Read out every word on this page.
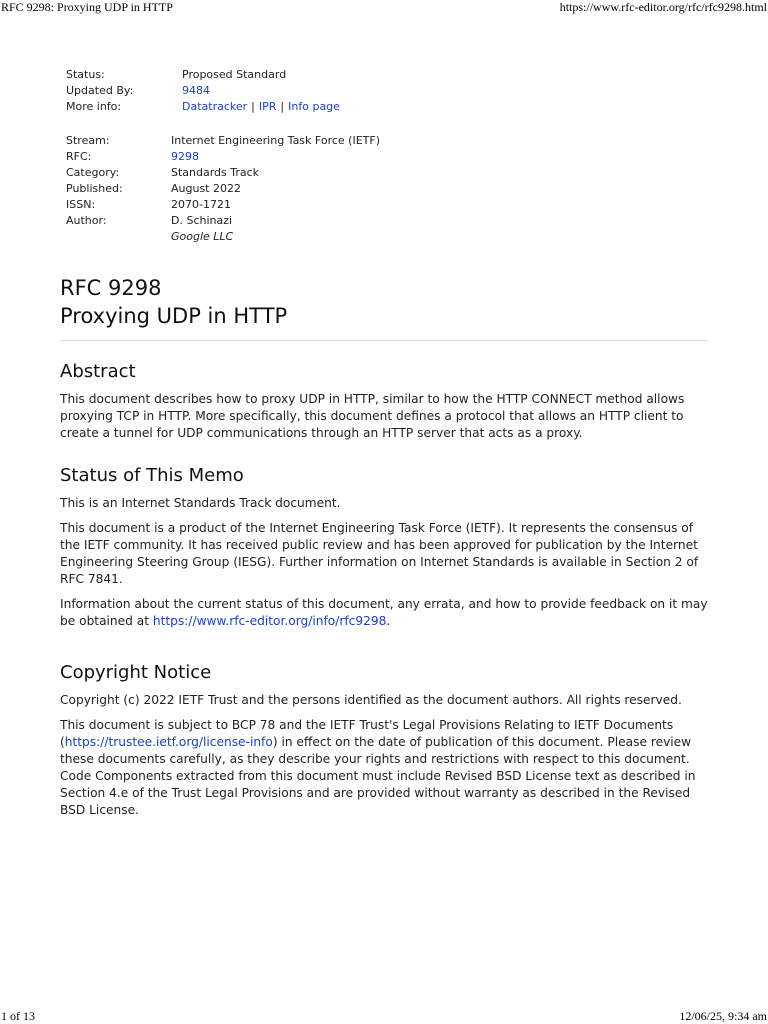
RFC 9298: Proxying UDP in HTTP	https://www.rfc-editor.org/rfc/rfc9298.html
Status:	Proposed Standard
Updated By:	9484
More info:	Datatracker | IPR | Info page
Stream:	Internet Engineering Task Force (IETF)
RFC:	9298
Category:	Standards Track
Published:	August 2022
ISSN:	2070-1721
Author:	D. Schinazi
Google LLC
RFC 9298
Proxying UDP in HTTP
Abstract

This document describes how to proxy UDP in HTTP, similar to how the HTTP CONNECT method allows proxying TCP in HTTP. More specifically, this document defines a protocol that allows an HTTP client to create a tunnel for UDP communications through an HTTP server that acts as a proxy.

Status of This Memo

This is an Internet Standards Track document.

This document is a product of the Internet Engineering Task Force (IETF). It represents the consensus of the IETF community. It has received public review and has been approved for publication by the Internet Engineering Steering Group (IESG). Further information on Internet Standards is available in Section 2 of RFC 7841.

Information about the current status of this document, any errata, and how to provide feedback on it may be obtained at https://www.rfc-editor.org/info/rfc9298.

Copyright Notice

Copyright (c) 2022 IETF Trust and the persons identified as the document authors. All rights reserved.

This document is subject to BCP 78 and the IETF Trust's Legal Provisions Relating to IETF Documents (https://trustee.ietf.org/license-info) in effect on the date of publication of this document. Please review these documents carefully, as they describe your rights and restrictions with respect to this document. Code Components extracted from this document must include Revised BSD License text as described in Section 4.e of the Trust Legal Provisions and are provided without warranty as described in the Revised BSD License.

1 of 13	12/06/25, 9:34 am
